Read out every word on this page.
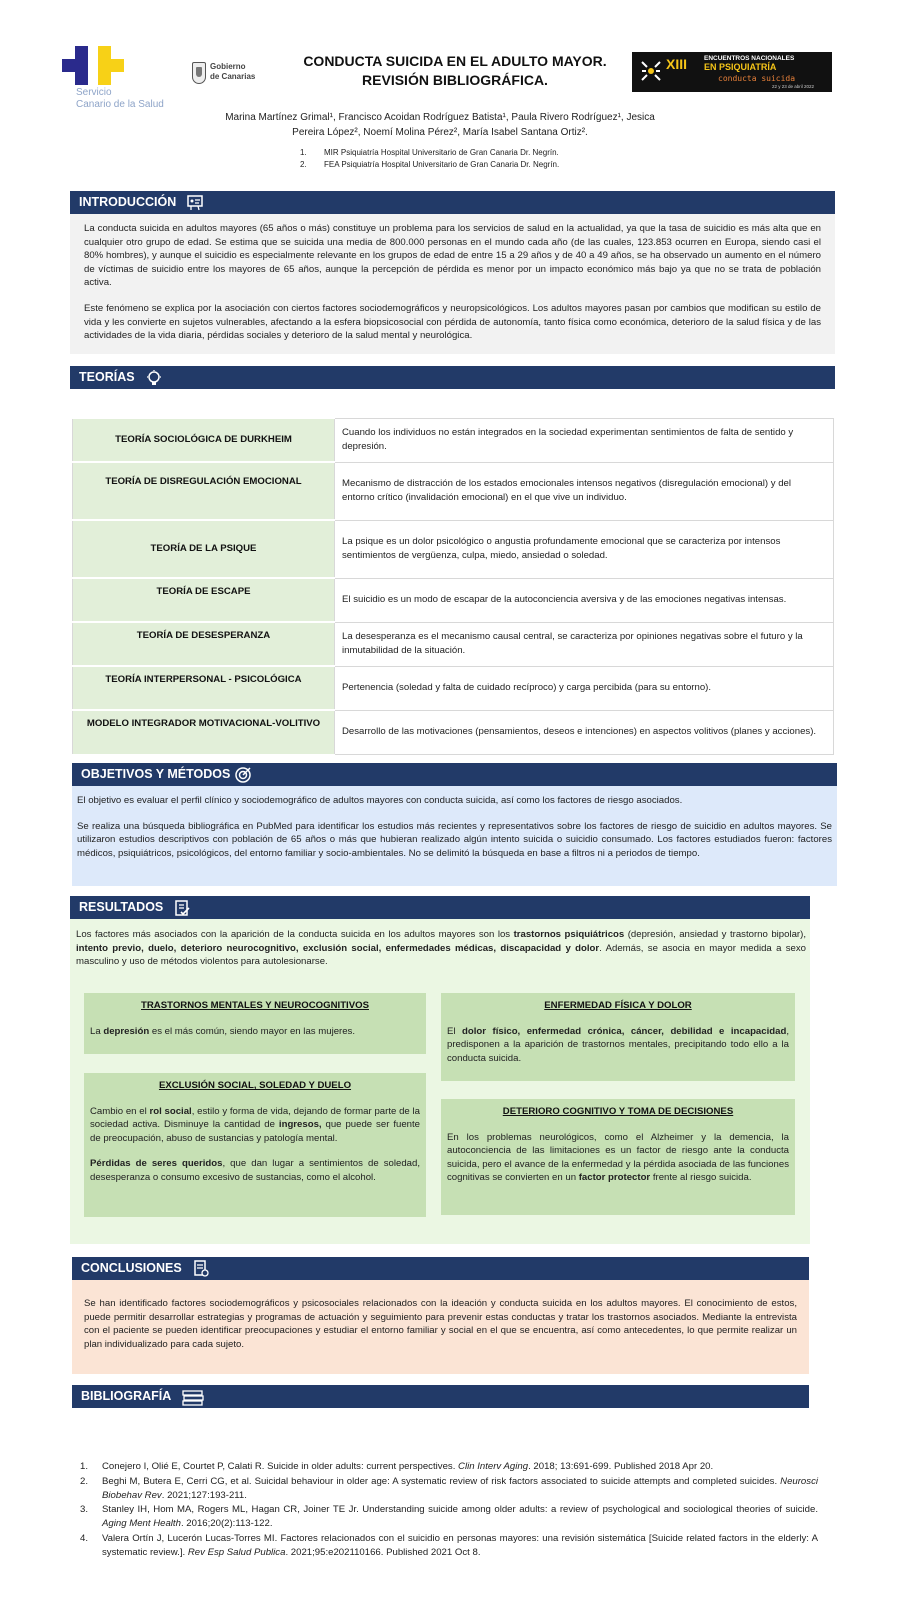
Servicio
Canario de la Salud
Gobierno
de Canarias
CONDUCTA SUICIDA EN EL ADULTO MAYOR.
REVISIÓN BIBLIOGRÁFICA.
XIII	ENCUENTROS NACIONALES
EN PSIQUIATRÍA
conducta suicida
22 y 23 de abril 2022
Marina Martínez Grimal¹, Francisco Acoidan Rodríguez Batista¹, Paula Rivero Rodríguez¹, Jesica Pereira López², Noemí Molina Pérez², María Isabel Santana Ortiz².
1.	MIR Psiquiatría Hospital Universitario de Gran Canaria Dr. Negrín.
2.	FEA Psiquiatría Hospital Universitario de Gran Canaria Dr. Negrín.
INTRODUCCIÓN

La conducta suicida en adultos mayores (65 años o más) constituye un problema para los servicios de salud en la actualidad, ya que la tasa de suicidio es más alta que en cualquier otro grupo de edad. Se estima que se suicida una media de 800.000 personas en el mundo cada año (de las cuales, 123.853 ocurren en Europa, siendo casi el 80% hombres), y aunque el suicidio es especialmente relevante en los grupos de edad de entre 15 a 29 años y de 40 a 49 años, se ha observado un aumento en el número de víctimas de suicidio entre los mayores de 65 años, aunque la percepción de pérdida es menor por un impacto económico más bajo ya que no se trata de población activa.

Este fenómeno se explica por la asociación con ciertos factores sociodemográficos y neuropsicológicos. Los adultos mayores pasan por cambios que modifican su estilo de vida y les convierte en sujetos vulnerables, afectando a la esfera biopsicosocial con pérdida de autonomía, tanto física como económica, deterioro de la salud física y de las actividades de la vida diaria, pérdidas sociales y deterioro de la salud mental y neurológica.

TEORÍAS
TEORÍA SOCIOLÓGICA DE DURKHEIM	Cuando los individuos no están integrados en la sociedad experimentan sentimientos de falta de sentido y depresión.
TEORÍA DE DISREGULACIÓN EMOCIONAL	Mecanismo de distracción de los estados emocionales intensos negativos (disregulación emocional) y del entorno crítico (invalidación emocional) en el que vive un individuo.
TEORÍA DE LA PSIQUE	La psique es un dolor psicológico o angustia profundamente emocional que se caracteriza por intensos sentimientos de vergüenza, culpa, miedo, ansiedad o soledad.
TEORÍA DE ESCAPE	El suicidio es un modo de escapar de la autoconciencia aversiva y de las emociones negativas intensas.
TEORÍA DE DESESPERANZA	La desesperanza es el mecanismo causal central, se caracteriza por opiniones negativas sobre el futuro y la inmutabilidad de la situación.
TEORÍA INTERPERSONAL - PSICOLÓGICA	Pertenencia (soledad y falta de cuidado recíproco) y carga percibida (para su entorno).
MODELO INTEGRADOR MOTIVACIONAL-VOLITIVO	Desarrollo de las motivaciones (pensamientos, deseos e intenciones) en aspectos volitivos (planes y acciones).
OBJETIVOS Y MÉTODOS

El objetivo es evaluar el perfil clínico y sociodemográfico de adultos mayores con conducta suicida, así como los factores de riesgo asociados.

Se realiza una búsqueda bibliográfica en PubMed para identificar los estudios más recientes y representativos sobre los factores de riesgo de suicidio en adultos mayores. Se utilizaron estudios descriptivos con población de 65 años o más que hubieran realizado algún intento suicida o suicidio consumado. Los factores estudiados fueron: factores médicos, psiquiátricos, psicológicos, del entorno familiar y socio-ambientales. No se delimitó la búsqueda en base a filtros ni a periodos de tiempo.

RESULTADOS
Los factores más asociados con la aparición de la conducta suicida en los adultos mayores son los trastornos psiquiátricos (depresión, ansiedad y trastorno bipolar), intento previo, duelo, deterioro neurocognitivo, exclusión social, enfermedades médicas, discapacidad y dolor. Además, se asocia en mayor medida a sexo masculino y uso de métodos violentos para autolesionarse.
TRASTORNOS MENTALES Y NEUROCOGNITIVOS
La depresión es el más común, siendo mayor en las mujeres.
EXCLUSIÓN SOCIAL, SOLEDAD Y DUELO

Cambio en el rol social, estilo y forma de vida, dejando de formar parte de la sociedad activa. Disminuye la cantidad de ingresos, que puede ser fuente de preocupación, abuso de sustancias y patología mental.

Pérdidas de seres queridos, que dan lugar a sentimientos de soledad, desesperanza o consumo excesivo de sustancias, como el alcohol.

ENFERMEDAD FÍSICA Y DOLOR
El dolor físico, enfermedad crónica, cáncer, debilidad e incapacidad, predisponen a la aparición de trastornos mentales, precipitando todo ello a la conducta suicida.
DETERIORO COGNITIVO Y TOMA DE DECISIONES
En los problemas neurológicos, como el Alzheimer y la demencia, la autoconciencia de las limitaciones es un factor de riesgo ante la conducta suicida, pero el avance de la enfermedad y la pérdida asociada de las funciones cognitivas se convierten en un factor protector frente al riesgo suicida.
CONCLUSIONES

Se han identificado factores sociodemográficos y psicosociales relacionados con la ideación y conducta suicida en los adultos mayores. El conocimiento de estos, puede permitir desarrollar estrategias y programas de actuación y seguimiento para prevenir estas conductas y tratar los trastornos asociados. Mediante la entrevista con el paciente se pueden identificar preocupaciones y estudiar el entorno familiar y social en el que se encuentra, así como antecedentes, lo que permite realizar un plan individualizado para cada sujeto.

BIBLIOGRAFÍA
1.	Conejero I, Olié E, Courtet P, Calati R. Suicide in older adults: current perspectives. Clin Interv Aging. 2018; 13:691-699. Published 2018 Apr 20.
2.	Beghi M, Butera E, Cerri CG, et al. Suicidal behaviour in older age: A systematic review of risk factors associated to suicide attempts and completed suicides. Neurosci Biobehav Rev. 2021;127:193-211.
3.	Stanley IH, Hom MA, Rogers ML, Hagan CR, Joiner TE Jr. Understanding suicide among older adults: a review of psychological and sociological theories of suicide. Aging Ment Health. 2016;20(2):113-122.
4.	Valera Ortín J, Lucerón Lucas-Torres MI. Factores relacionados con el suicidio en personas mayores: una revisión sistemática [Suicide related factors in the elderly: A systematic review.]. Rev Esp Salud Publica. 2021;95:e202110166. Published 2021 Oct 8.
